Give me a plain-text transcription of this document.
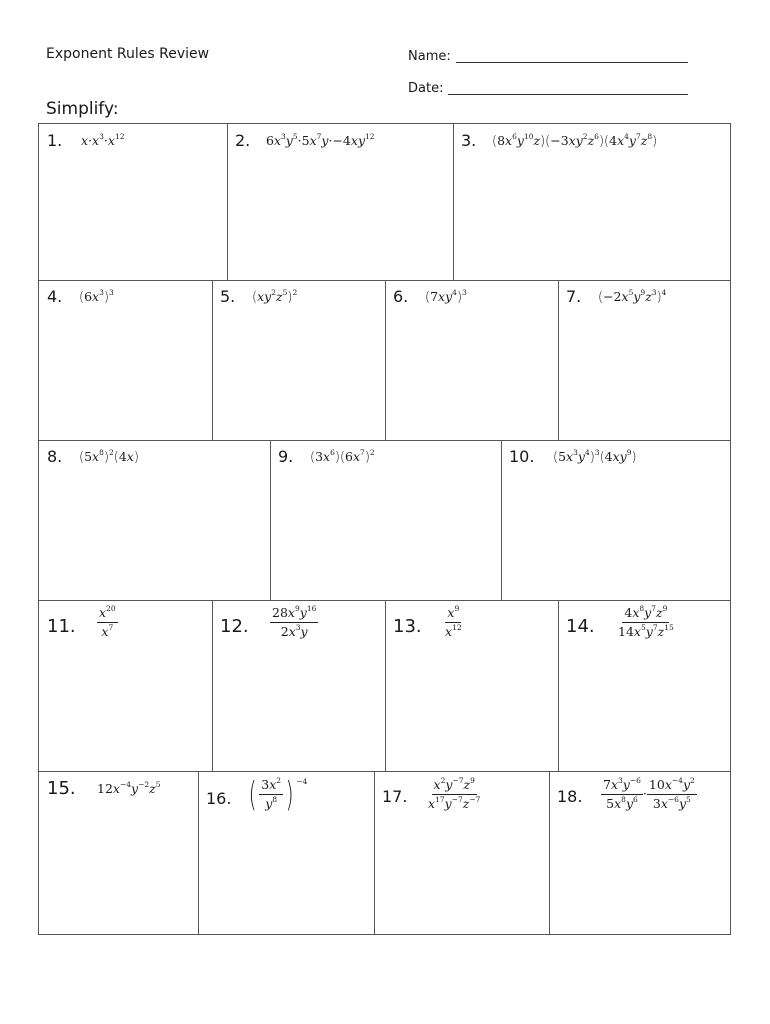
Exponent Rules Review	Name:
Date:
Simplify:
1. $x\cdot x^3\cdot x^{12}$	2. $6x^3y^5\cdot 5x^7y\cdot-4xy^{12}$	3. $(8x^6y^{10}z)(-3xy^2z^6)(4x^4y^7z^8)$
4. $(6x^3)^3$	5. $(xy^2z^5)^2$	6. $(7xy^4)^3$	7. $(-2x^5y^9z^3)^4$
8. $(5x^8)^2(4x)$	9. $(3x^6)(6x^7)^2$	10. $(5x^3y^4)^3(4xy^9)$
11. $\frac{x^{20}}{x^7}$	12. $\frac{28x^9y^{16}}{2x^3y}$	13. $\frac{x^9}{x^{12}}$	14. $\frac{4x^8y^7z^9}{14x^5y^7z^{15}}$
15. $12x^{-4}y^{-2}z^5$
16. ( $\frac{3x^2}{y^8}$ ) $^{-4}$
17. $\frac{x^2y^{-7}z^9}{x^{17}y^{-7}z^{-7}}$	18. $\frac{7x^3y^{-6}}{5x^8y^6} \cdot \frac{10x^{-4}y^2}{3x^{-6}y^5}$
